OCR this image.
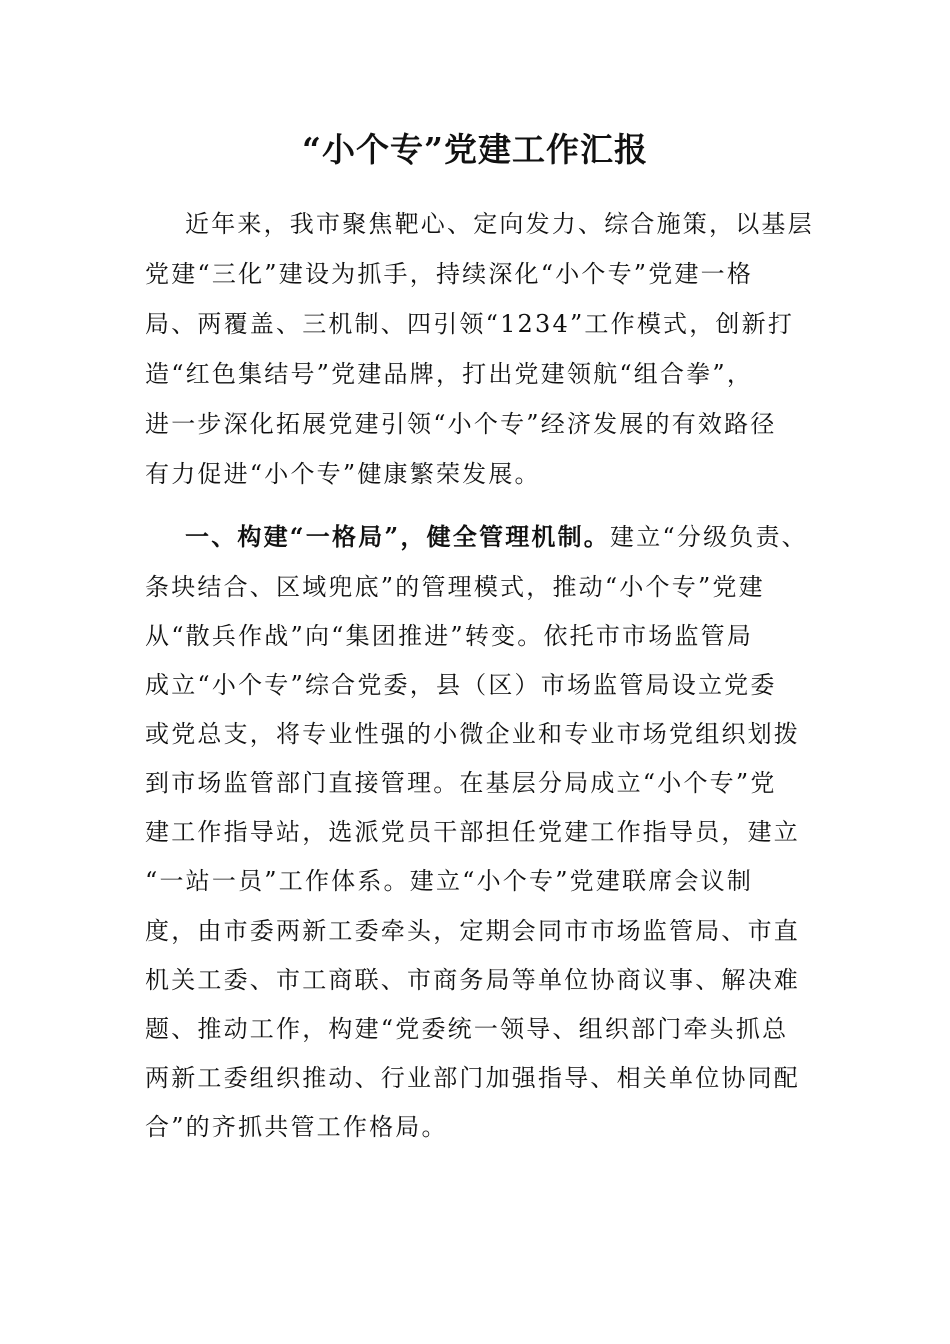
“小个专”党建工作汇报
近年来，我市聚焦靶心、定向发力、综合施策，以基层
党建“三化”建设为抓手，持续深化“小个专”党建一格
局、两覆盖、三机制、四引领“1234”工作模式，创新打
造“红色集结号”党建品牌，打出党建领航“组合拳”，
进一步深化拓展党建引领“小个专”经济发展的有效路径
有力促进“小个专”健康繁荣发展。
一、构建“一格局”，健全管理机制。建立“分级负责、
条块结合、区域兜底”的管理模式，推动“小个专”党建
从“散兵作战”向“集团推进”转变。依托市市场监管局
成立“小个专”综合党委，县（区）市场监管局设立党委
或党总支，将专业性强的小微企业和专业市场党组织划拨
到市场监管部门直接管理。在基层分局成立“小个专”党
建工作指导站，选派党员干部担任党建工作指导员，建立
“一站一员”工作体系。建立“小个专”党建联席会议制
度，由市委两新工委牵头，定期会同市市场监管局、市直
机关工委、市工商联、市商务局等单位协商议事、解决难
题、推动工作，构建“党委统一领导、组织部门牵头抓总
两新工委组织推动、行业部门加强指导、相关单位协同配
合”的齐抓共管工作格局。
